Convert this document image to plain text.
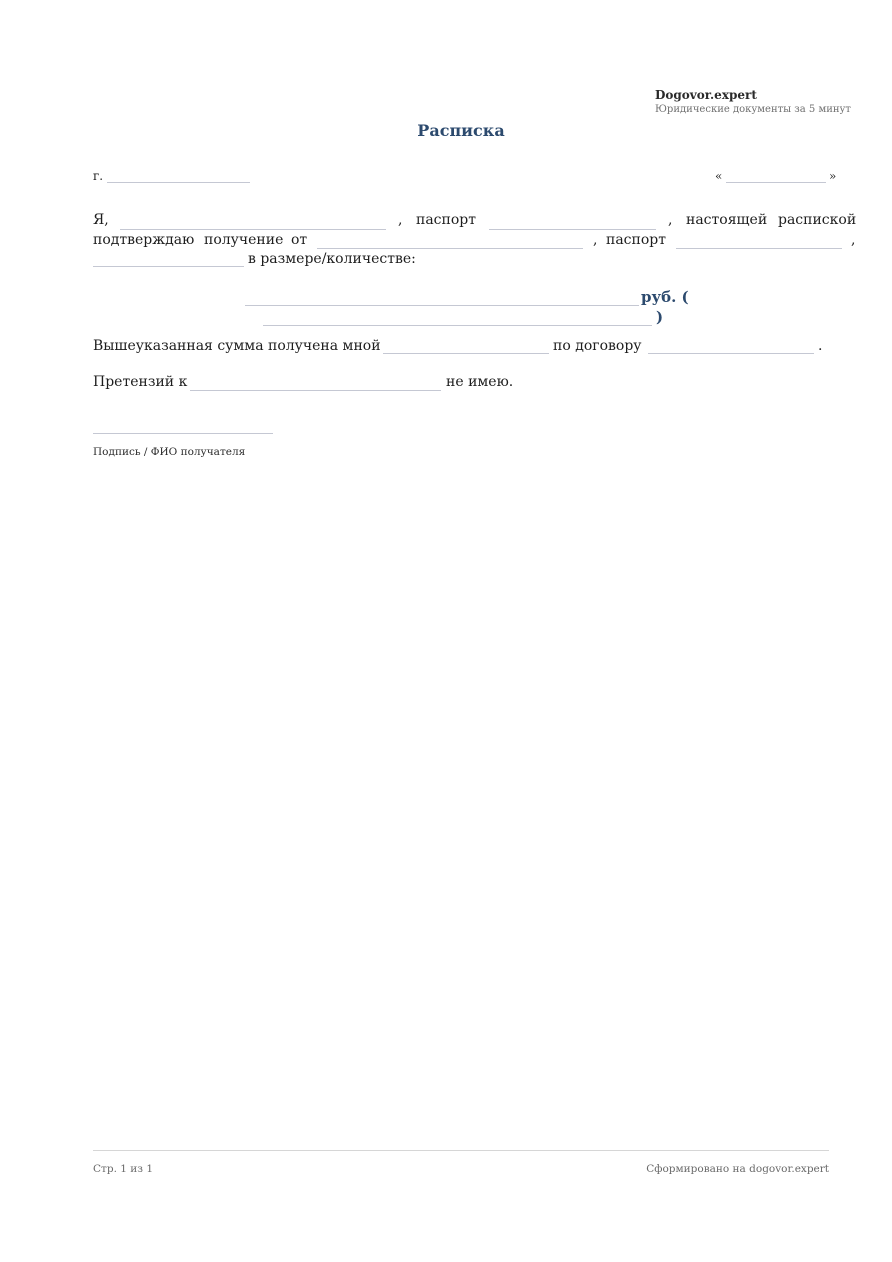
Dogovor.expert
Юридические документы за 5 минут
Расписка
г.	«	»
Я,	, паспорт	, настоящей распиской
подтверждаю получение от	, паспорт	,
в размере/количестве:
руб. (
)
Вышеуказанная сумма получена мной	по договору	.
Претензий к	не имею.
Подпись / ФИО получателя
Стр. 1 из 1	Сформировано на dogovor.expert
